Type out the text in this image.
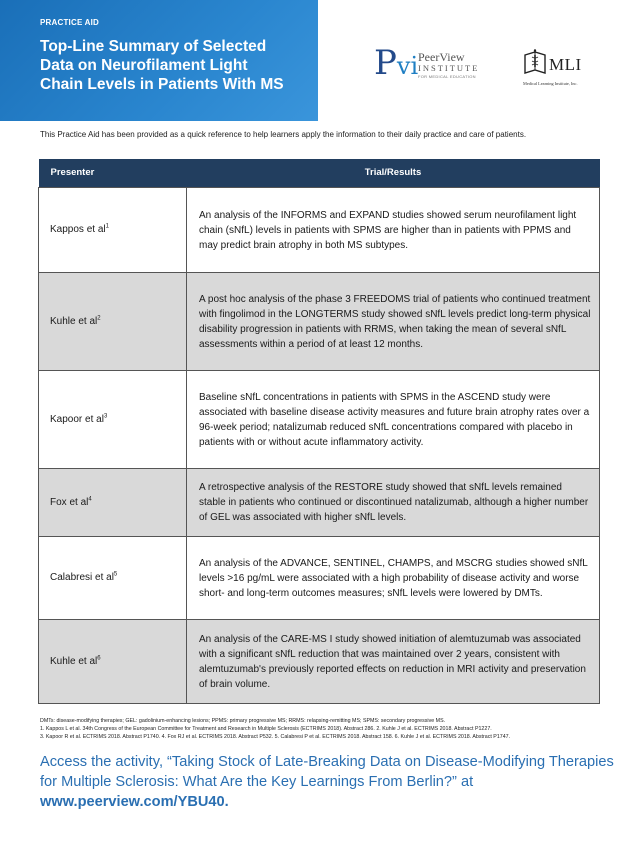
PRACTICE AID
Top-Line Summary of Selected
Data on Neurofilament Light
Chain Levels in Patients With MS
Pvi PeerView
INSTITUTE
FOR MEDICAL EDUCATION
MLI
Medical Learning Institute, Inc.
This Practice Aid has been provided as a quick reference to help learners apply the information to their daily practice and care of patients.
Presenter	Trial/Results
Kappos et $al^1$	An analysis of the INFORMS and EXPAND studies showed serum neurofilament light chain (sNfL) levels in patients with SPMS are higher than in patients with PPMS and may predict brain atrophy in both MS subtypes.
Kuhle et $al^2$	A post hoc analysis of the phase 3 FREEDOMS trial of patients who continued treatment with fingolimod in the LONGTERMS study showed sNfL levels predict long-term physical disability progression in patients with RRMS, when taking the mean of several sNfL assessments within a period of at least 12 months.
Kapoor et $al^3$	Baseline sNfL concentrations in patients with SPMS in the ASCEND study were associated with baseline disease activity measures and future brain atrophy rates over a 96-week period; natalizumab reduced sNfL concentrations compared with placebo in patients with or without acute inflammatory activity.
Fox et $al^4$	A retrospective analysis of the RESTORE study showed that sNfL levels remained stable in patients who continued or discontinued natalizumab, although a higher number of GEL was associated with higher sNfL levels.
Calabresi et $al^5$	An analysis of the ADVANCE, SENTINEL, CHAMPS, and MSCRG studies showed sNfL levels >16 pg/mL were associated with a high probability of disease activity and worse short- and long-term outcomes measures; sNfL levels were lowered by DMTs.
Kuhle et $al^6$	An analysis of the CARE-MS I study showed initiation of alemtuzumab was associated with a significant sNfL reduction that was maintained over 2 years, consistent with alemtuzumab's previously reported effects on reduction in MRI activity and preservation of brain volume.
DMTs: disease-modifying therapies; GEL: gadolinium-enhancing lesions; PPMS: primary progressive MS; RRMS: relapsing-remitting MS; SPMS: secondary progressive MS.
1. Kappos L et al. 34th Congress of the European Committee for Treatment and Research in Multiple Sclerosis (ECTRIMS 2018). Abstract 286. 2. Kuhle J et al. ECTRIMS 2018. Abstract P1227.
3. Kapoor R et al. ECTRIMS 2018. Abstract P1740. 4. Fox RJ et al. ECTRIMS 2018. Abstract P532. 5. Calabresi P et al. ECTRIMS 2018. Abstract 158. 6. Kuhle J et al. ECTRIMS 2018. Abstract P1747.
Access the activity, “Taking Stock of Late-Breaking Data on Disease-Modifying Therapies for Multiple Sclerosis: What Are the Key Learnings From Berlin?” at www.peerview.com/YBU40.
